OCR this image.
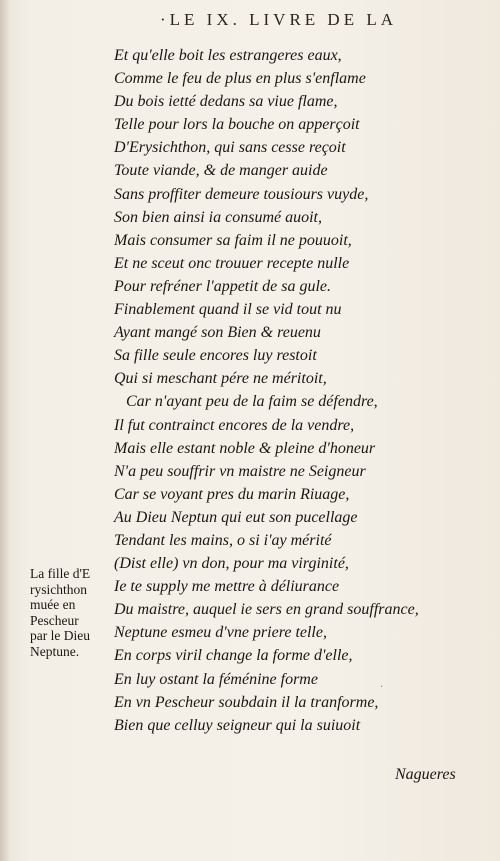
·LE IX. LIVRE DE LA
Et qu'elle boit les estrangeres eaux,
Comme le feu de plus en plus s'enflame
Du bois ietté dedans sa viue flame,
Telle pour lors la bouche on apperçoit
D'Erysichthon, qui sans cesse reçoit
Toute viande, & de manger auide
Sans proffiter demeure tousiours vuyde,
Son bien ainsi ia consumé auoit,
Mais consumer sa faim il ne pouuoit,
Et ne sceut onc trouuer recepte nulle
Pour refréner l'appetit de sa gule.
Finablement quand il se vid tout nu
Ayant mangé son Bien & reuenu
Sa fille seule encores luy restoit
Qui si meschant pére ne méritoit,
Car n'ayant peu de la faim se défendre,
Il fut contrainct encores de la vendre,
Mais elle estant noble & pleine d'honeur
N'a peu souffrir vn maistre ne Seigneur
Car se voyant pres du marin Riuage,
Au Dieu Neptun qui eut son pucellage
Tendant les mains, o si i'ay mérité
(Dist elle) vn don, pour ma virginité,
Ie te supply me mettre à déliurance
Du maistre, auquel ie sers en grand souffrance,
Neptune esmeu d'vne priere telle,
En corps viril change la forme d'elle,
En luy ostant la féménine forme
En vn Pescheur soubdain il la tranforme,
Bien que celluy seigneur qui la suiuoit
La fille d'E
rysichthon
muée en
Pescheur
par le Dieu
Neptune.
·
Nagueres
